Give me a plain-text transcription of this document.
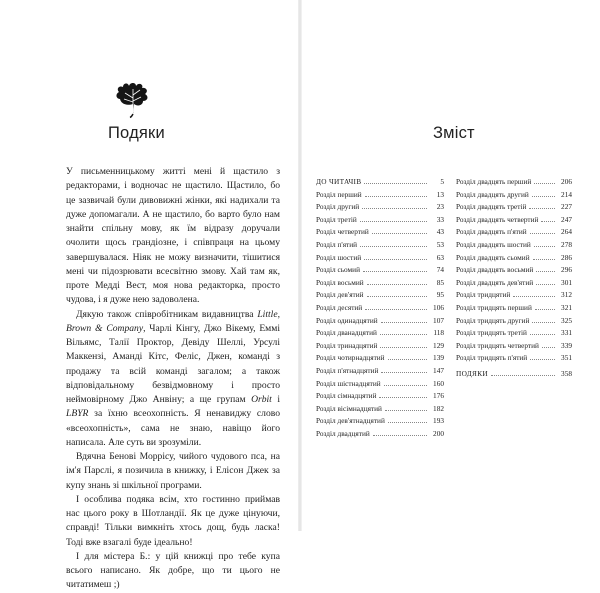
Подяки

У письменницькому житті мені й щастило з редакторами, і водночас не щастило. Щастило, бо це зазвичай були дивовижні жінки, які надихали та дуже допомагали. А не щастило, бо варто було нам знайти спільну мову, як їм відразу доручали очолити щось грандіозне, і співпраця на цьому завершувалася. Ніяк не можу визначити, тішитися мені чи підозрювати всесвітню змову. Хай там як, проте Медді Вест, моя нова редакторка, просто чудова, і я дуже нею задоволена.

Дякую також співробітникам видавництва Little, Brown & Company, Чарлі Кінгу, Джо Вікему, Еммі Вільямс, Талії Проктор, Девіду Шеллі, Урсулі Маккензі, Аманді Кітс, Феліс, Джен, команді з продажу та всій команді загалом; а також відповідальному безвідмовному і просто неймовірному Джо Анвіну; а ще групам Orbit і LBYR за їхню всеохопність. Я ненавиджу слово «всеохопність», сама не знаю, навіщо його написала. Але суть ви зрозуміли.

Вдячна Бенові Моррісу, чийого чудового пса, на ім'я Парслі, я позичила в книжку, і Елісон Джек за купу знань зі шкільної програми.

І особлива подяка всім, хто гостинно приймав нас цього року в Шотландії. Як це дуже цінуючи, справді! Тільки вимкніть хтось дощ, будь ласка! Тоді вже взагалі буде ідеально!

І для містера Б.: у цій книжці про тебе купа всього написано. Як добре, що ти цього не читатимеш ;)

Зміст
ДО ЧИТАЧІВ	5
Розділ перший	13
Розділ другий	23
Розділ третій	33
Розділ четвертий	43
Розділ п'ятий	53
Розділ шостий	63
Розділ сьомий	74
Розділ восьмий	85
Розділ дев'ятий	95
Розділ десятий	106
Розділ одинадцятий	107
Розділ дванадцятий	118
Розділ тринадцятий	129
Розділ чотирнадцятий	139
Розділ п'ятнадцятий	147
Розділ шістнадцятий	160
Розділ сімнадцятий	176
Розділ вісімнадцятий	182
Розділ дев'ятнадцятий	193
Розділ двадцятий	200
Розділ двадцять перший	206
Розділ двадцять другий	214
Розділ двадцять третій	227
Розділ двадцять четвертий	247
Розділ двадцять п'ятий	264
Розділ двадцять шостий	278
Розділ двадцять сьомий	286
Розділ двадцять восьмий	296
Розділ двадцять дев'ятий	301
Розділ тридцятий	312
Розділ тридцять перший	321
Розділ тридцять другий	325
Розділ тридцять третій	331
Розділ тридцять четвертий	339
Розділ тридцять п'ятий	351
ПОДЯКИ	358
